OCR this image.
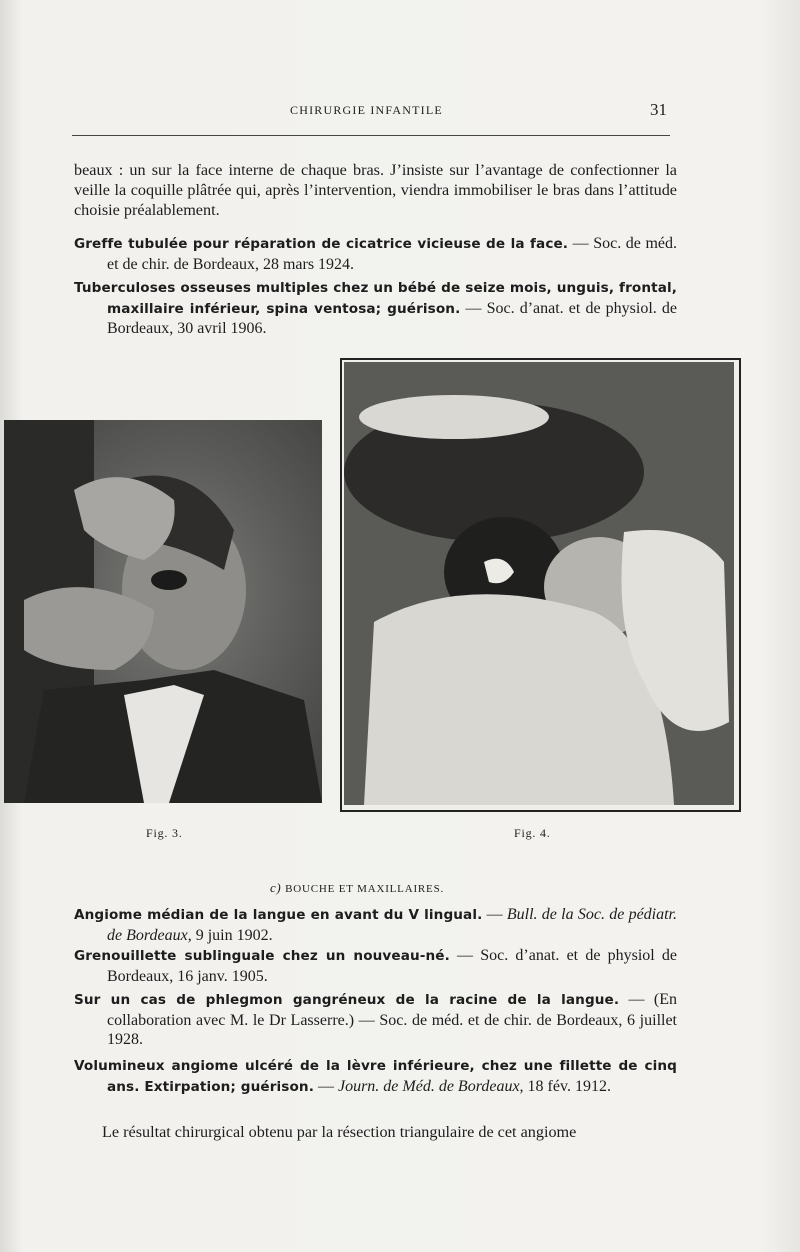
CHIRURGIE INFANTILE	31
beaux : un sur la face interne de chaque bras. J’insiste sur l’avantage de confectionner la veille la coquille plâtrée qui, après l’intervention, viendra immobiliser le bras dans l’attitude choisie préalablement.
Greffe tubulée pour réparation de cicatrice vicieuse de la face. — Soc. de méd. et de chir. de Bordeaux, 28 mars 1924.
Tuberculoses osseuses multiples chez un bébé de seize mois, unguis, frontal, maxillaire inférieur, spina ventosa; guérison. — Soc. d’anat. et de physiol. de Bordeaux, 30 avril 1906.
Fig. 3.	Fig. 4.
c) BOUCHE ET MAXILLAIRES.
Angiome médian de la langue en avant du V lingual. — Bull. de la Soc. de pédiatr. de Bordeaux, 9 juin 1902.
Grenouillette sublinguale chez un nouveau-né. — Soc. d’anat. et de physiol de Bordeaux, 16 janv. 1905.
Sur un cas de phlegmon gangréneux de la racine de la langue. — (En collaboration avec M. le Dr Lasserre.) — Soc. de méd. et de chir. de Bordeaux, 6 juillet 1928.
Volumineux angiome ulcéré de la lèvre inférieure, chez une fillette de cinq ans. Extirpation; guérison. — Journ. de Méd. de Bordeaux, 18 fév. 1912.
Le résultat chirurgical obtenu par la résection triangulaire de cet angiome
